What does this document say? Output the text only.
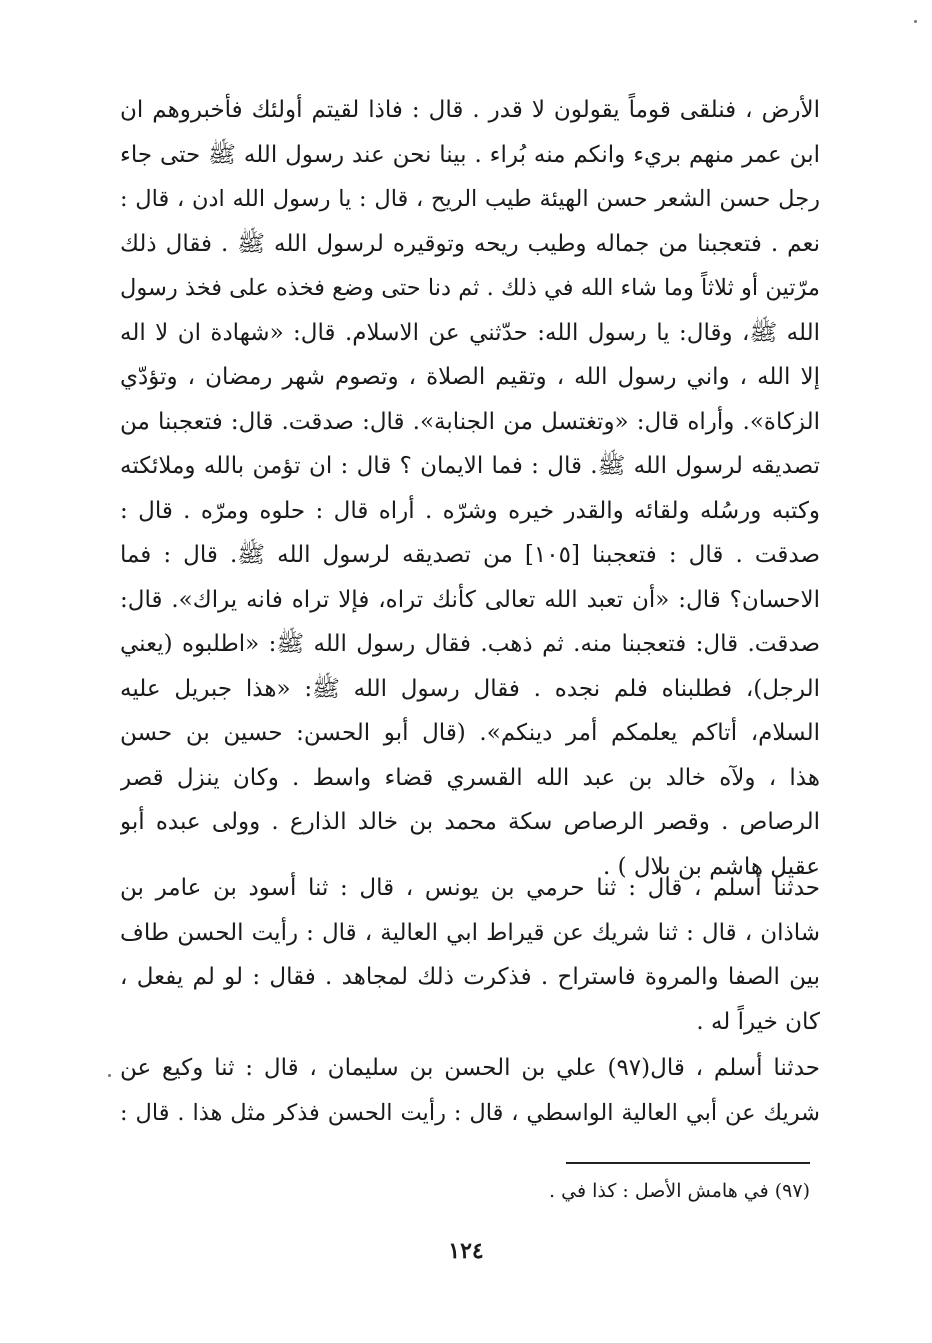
الأرض ، فنلقى قوماً يقولون لا قدر . قال : فاذا لقيتم أولئك فأخبروهم ان
ابن عمر منهم بريء وانكم منه بُراء . بينا نحن عند رسول الله ﷺ حتى جاء
رجل حسن الشعر حسن الهيئة طيب الريح ، قال : يا رسول الله ادن ، قال :
نعم . فتعجبنا من جماله وطيب ريحه وتوقيره لرسول الله ﷺ . فقال ذلك
مرّتين أو ثلاثاً وما شاء الله في ذلك . ثم دنا حتى وضع فخذه على فخذ رسول
الله ﷺ، وقال: يا رسول الله: حدّثني عن الاسلام. قال: «شهادة ان لا اله
إلا الله ، واني رسول الله ، وتقيم الصلاة ، وتصوم شهر رمضان ، وتؤدّي
الزكاة». وأراه قال: «وتغتسل من الجنابة». قال: صدقت. قال: فتعجبنا من
تصديقه لرسول الله ﷺ. قال : فما الايمان ؟ قال : ان تؤمن بالله وملائكته
وكتبه ورسُله ولقائه والقدر خيره وشرّه . أراه قال : حلوه ومرّه . قال :
صدقت . قال : فتعجبنا [١٠٥] من تصديقه لرسول الله ﷺ. قال : فما
الاحسان؟ قال: «أن تعبد الله تعالى كأنك تراه، فإلا تراه فانه يراك». قال:
صدقت. قال: فتعجبنا منه. ثم ذهب. فقال رسول الله ﷺ: «اطلبوه (يعني
الرجل)، فطلبناه فلم نجده . فقال رسول الله ﷺ: «هذا جبريل عليه
السلام، أتاكم يعلمكم أمر دينكم». (قال أبو الحسن: حسين بن حسن
هذا ، ولآه خالد بن عبد الله القسري قضاء واسط . وكان ينزل قصر
الرصاص . وقصر الرصاص سكة محمد بن خالد الذارع . وولى عبده أبو
عقيل هاشم بن بلال ) .
حدثنا أسلم ، قال : ثنا حرمي بن يونس ، قال : ثنا أسود بن عامر بن
شاذان ، قال : ثنا شريك عن قيراط ابي العالية ، قال : رأيت الحسن طاف
بين الصفا والمروة فاستراح . فذكرت ذلك لمجاهد . فقال : لو لم يفعل ،
كان خيراً له .
حدثنا أسلم ، قال(٩٧) علي بن الحسن بن سليمان ، قال : ثنا وكيع عن
شريك عن أبي العالية الواسطي ، قال : رأيت الحسن فذكر مثل هذا . قال :
(٩٧) في هامش الأصل : كذا في .
١٢٤
